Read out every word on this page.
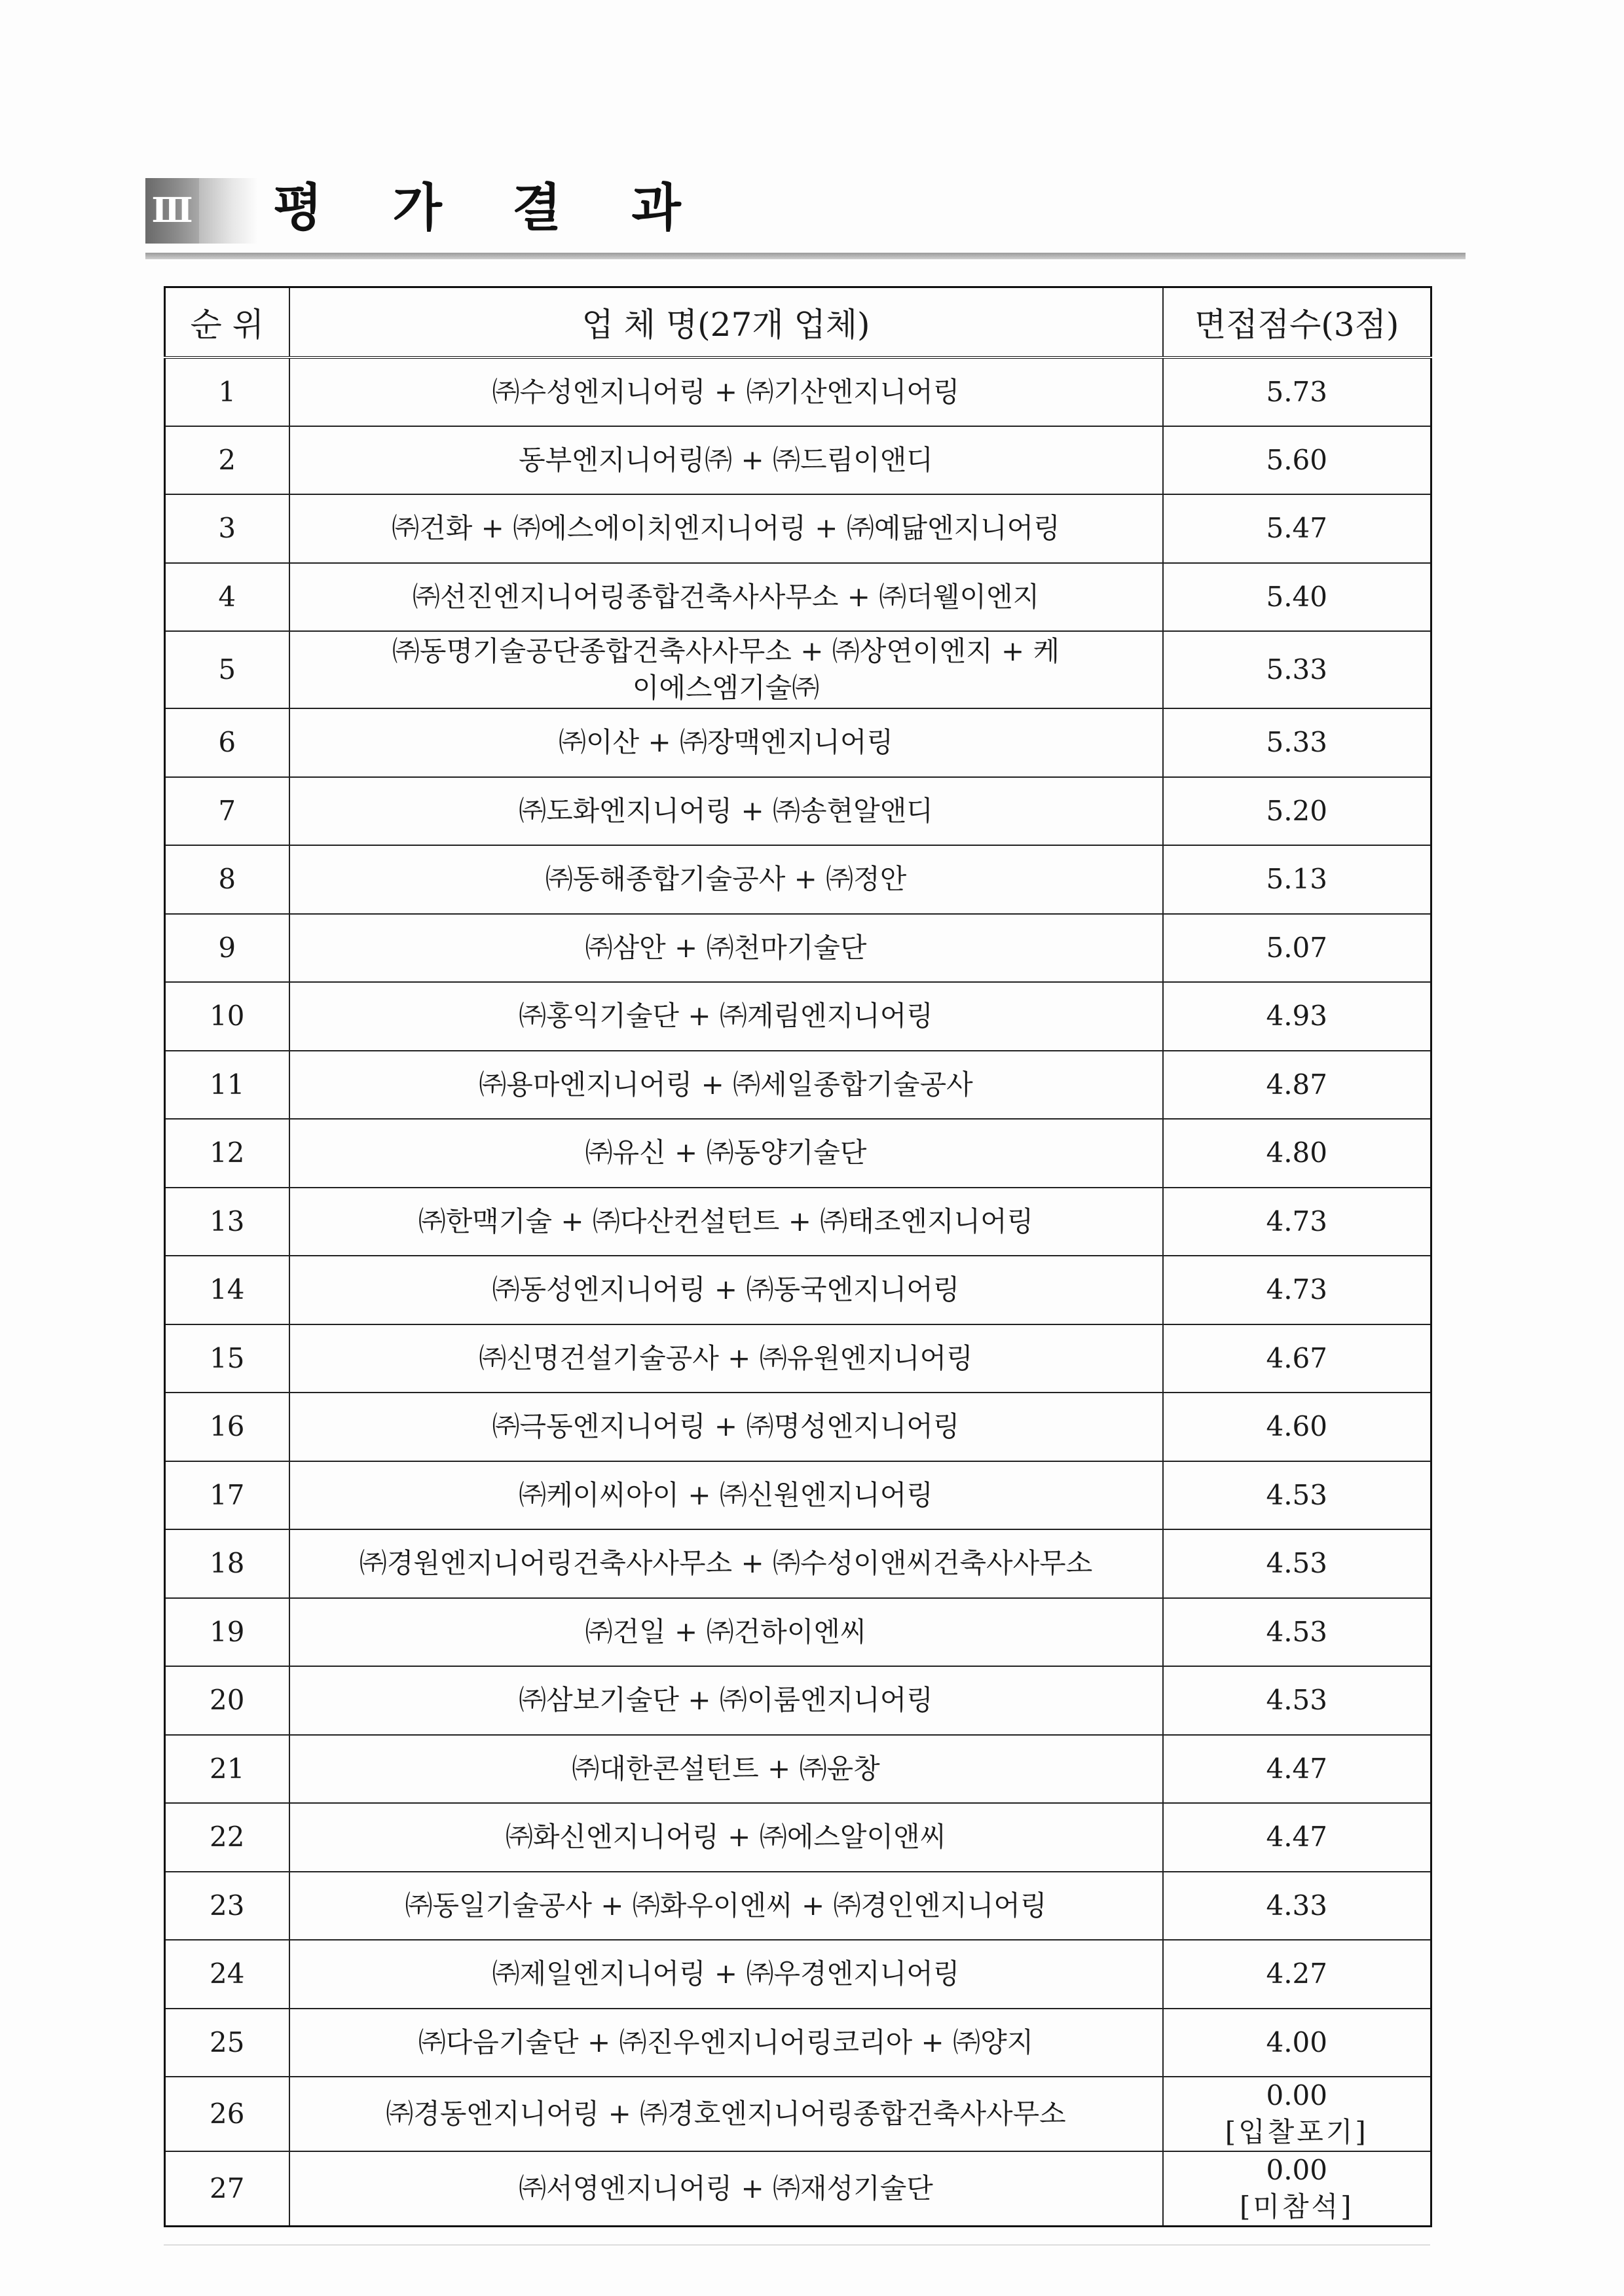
Ⅲ 평 가 결 과
순 위	업 체 명(27개 업체)	면접점수(3점)
1	㈜수성엔지니어링 + ㈜기산엔지니어링	5.73

2	동부엔지니어링㈜ + ㈜드림이앤디	5.60

3	㈜건화 + ㈜에스에이치엔지니어링 + ㈜예닮엔지니어링	5.47

4	㈜선진엔지니어링종합건축사사무소 + ㈜더웰이엔지	5.40

5	㈜동명기술공단종합건축사사무소 + ㈜상연이엔지 + 케이에스엠기술㈜	5.33

6	㈜이산 + ㈜장맥엔지니어링	5.33

7	㈜도화엔지니어링 + ㈜송현알앤디	5.20

8	㈜동해종합기술공사 + ㈜정안	5.13

9	㈜삼안 + ㈜천마기술단	5.07

10	㈜홍익기술단 + ㈜계림엔지니어링	4.93

11	㈜용마엔지니어링 + ㈜세일종합기술공사	4.87

12	㈜유신 + ㈜동양기술단	4.80

13	㈜한맥기술 + ㈜다산컨설턴트 + ㈜태조엔지니어링	4.73

14	㈜동성엔지니어링 + ㈜동국엔지니어링	4.73

15	㈜신명건설기술공사 + ㈜유원엔지니어링	4.67

16	㈜극동엔지니어링 + ㈜명성엔지니어링	4.60

17	㈜케이씨아이 + ㈜신원엔지니어링	4.53

18	㈜경원엔지니어링건축사사무소 + ㈜수성이앤씨건축사사무소	4.53

19	㈜건일 + ㈜건하이엔씨	4.53

20	㈜삼보기술단 + ㈜이룸엔지니어링	4.53

21	㈜대한콘설턴트 + ㈜윤창	4.47

22	㈜화신엔지니어링 + ㈜에스알이앤씨	4.47

23	㈜동일기술공사 + ㈜화우이엔씨 + ㈜경인엔지니어링	4.33

24	㈜제일엔지니어링 + ㈜우경엔지니어링	4.27

25	㈜다음기술단 + ㈜진우엔지니어링코리아 + ㈜양지	4.00

26	㈜경동엔지니어링 + ㈜경호엔지니어링종합건축사사무소	0.00
[입찰포기]

27	㈜서영엔지니어링 + ㈜재성기술단	0.00
[미참석]
